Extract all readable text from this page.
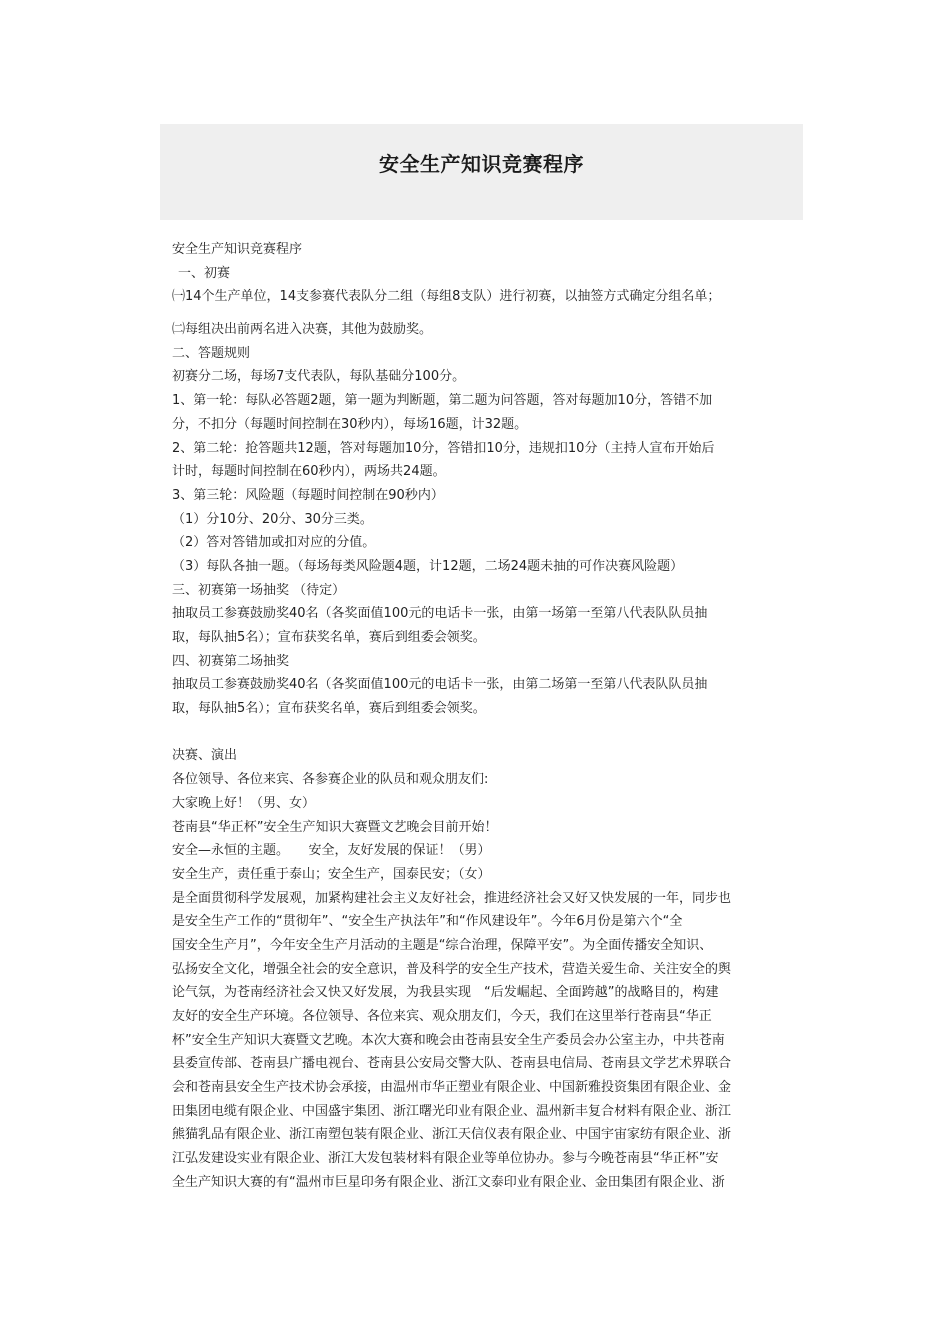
安全生产知识竞赛程序
安全生产知识竞赛程序
一、初赛
㈠14个生产单位，14支参赛代表队分二组（每组8支队）进行初赛，以抽签方式确定分组名单；
㈡每组决出前两名进入决赛，其他为鼓励奖。
二、答题规则
初赛分二场，每场7支代表队，每队基础分100分。
1、第一轮：每队必答题2题，第一题为判断题，第二题为问答题，答对每题加10分，答错不加
分，不扣分（每题时间控制在30秒内），每场16题，计32题。
2、第二轮：抢答题共12题，答对每题加10分，答错扣10分，违规扣10分（主持人宣布开始后
计时，每题时间控制在60秒内），两场共24题。
3、第三轮：风险题（每题时间控制在90秒内）
（1）分10分、20分、30分三类。
（2）答对答错加或扣对应的分值。
（3）每队各抽一题。（每场每类风险题4题，计12题，二场24题未抽的可作决赛风险题）
三、初赛第一场抽奖 （待定）
抽取员工参赛鼓励奖40名（各奖面值100元的电话卡一张，由第一场第一至第八代表队队员抽
取，每队抽5名）；宣布获奖名单，赛后到组委会领奖。
四、初赛第二场抽奖
抽取员工参赛鼓励奖40名（各奖面值100元的电话卡一张，由第二场第一至第八代表队队员抽
取，每队抽5名）；宣布获奖名单，赛后到组委会领奖。
决赛、演出
各位领导、各位来宾、各参赛企业的队员和观众朋友们:
大家晚上好！（男、女）
苍南县“华正杯”安全生产知识大赛暨文艺晚会目前开始！
安全—永恒的主题。　　安全，友好发展的保证！（男）
安全生产，责任重于泰山；安全生产，国泰民安；（女）
是全面贯彻科学发展观，加紧构建社会主义友好社会，推进经济社会又好又快发展的一年，同步也
是安全生产工作的“贯彻年”、“安全生产执法年”和“作风建设年”。今年6月份是第六个“全
国安全生产月”，今年安全生产月活动的主题是“综合治理，保障平安”。为全面传播安全知识、
弘扬安全文化，增强全社会的安全意识，普及科学的安全生产技术，营造关爱生命、关注安全的舆
论气氛，为苍南经济社会又快又好发展，为我县实现　“后发崛起、全面跨越”的战略目的，构建
友好的安全生产环境。各位领导、各位来宾、观众朋友们，今天，我们在这里举行苍南县“华正
杯”安全生产知识大赛暨文艺晚。本次大赛和晚会由苍南县安全生产委员会办公室主办，中共苍南
县委宣传部、苍南县广播电视台、苍南县公安局交警大队、苍南县电信局、苍南县文学艺术界联合
会和苍南县安全生产技术协会承接，由温州市华正塑业有限企业、中国新雅投资集团有限企业、金
田集团电缆有限企业、中国盛宇集团、浙江曙光印业有限企业、温州新丰复合材料有限企业、浙江
熊猫乳品有限企业、浙江南塑包装有限企业、浙江天信仪表有限企业、中国宇宙家纺有限企业、浙
江弘发建设实业有限企业、浙江大发包装材料有限企业等单位协办。参与今晚苍南县“华正杯”安
全生产知识大赛的有“温州市巨星印务有限企业、浙江文泰印业有限企业、金田集团有限企业、浙
